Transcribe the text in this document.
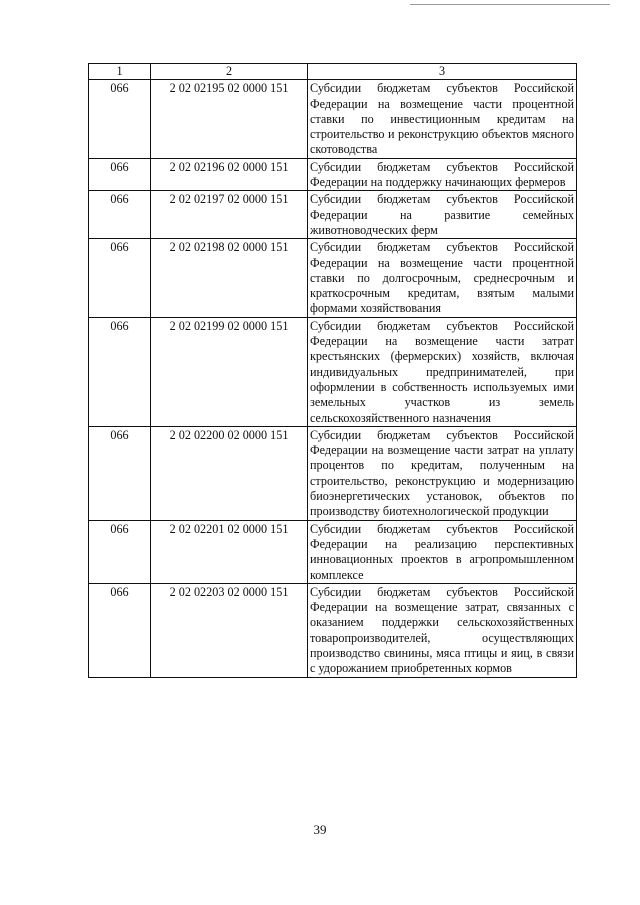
1	2	3
066	2 02 02195 02 0000 151	Субсидии бюджетам субъектов Российской Федерации на возмещение части процентной ставки по инвестиционным кредитам на строительство и реконструкцию объектов мясного скотоводства
066	2 02 02196 02 0000 151	Субсидии бюджетам субъектов Российской Федерации на поддержку начинающих фермеров
066	2 02 02197 02 0000 151	Субсидии бюджетам субъектов Российской Федерации на развитие семейных животноводческих ферм
066	2 02 02198 02 0000 151	Субсидии бюджетам субъектов Российской Федерации на возмещение части процентной ставки по долгосрочным, среднесрочным и краткосрочным кредитам, взятым малыми формами хозяйствования
066	2 02 02199 02 0000 151	Субсидии бюджетам субъектов Российской Федерации на возмещение части затрат крестьянских (фермерских) хозяйств, включая индивидуальных предпринимателей, при оформлении в собственность используемых ими земельных участков из земель сельскохозяйственного назначения
066	2 02 02200 02 0000 151	Субсидии бюджетам субъектов Российской Федерации на возмещение части затрат на уплату процентов по кредитам, полученным на строительство, реконструкцию и модернизацию биоэнергетических установок, объектов по производству биотехнологической продукции
066	2 02 02201 02 0000 151	Субсидии бюджетам субъектов Российской Федерации на реализацию перспективных инновационных проектов в агропромышленном комплексе
066	2 02 02203 02 0000 151	Субсидии бюджетам субъектов Российской Федерации на возмещение затрат, связанных с оказанием поддержки сельскохозяйственных товаропроизводителей, осуществляющих производство свинины, мяса птицы и яиц, в связи с удорожанием приобретенных кормов
39
